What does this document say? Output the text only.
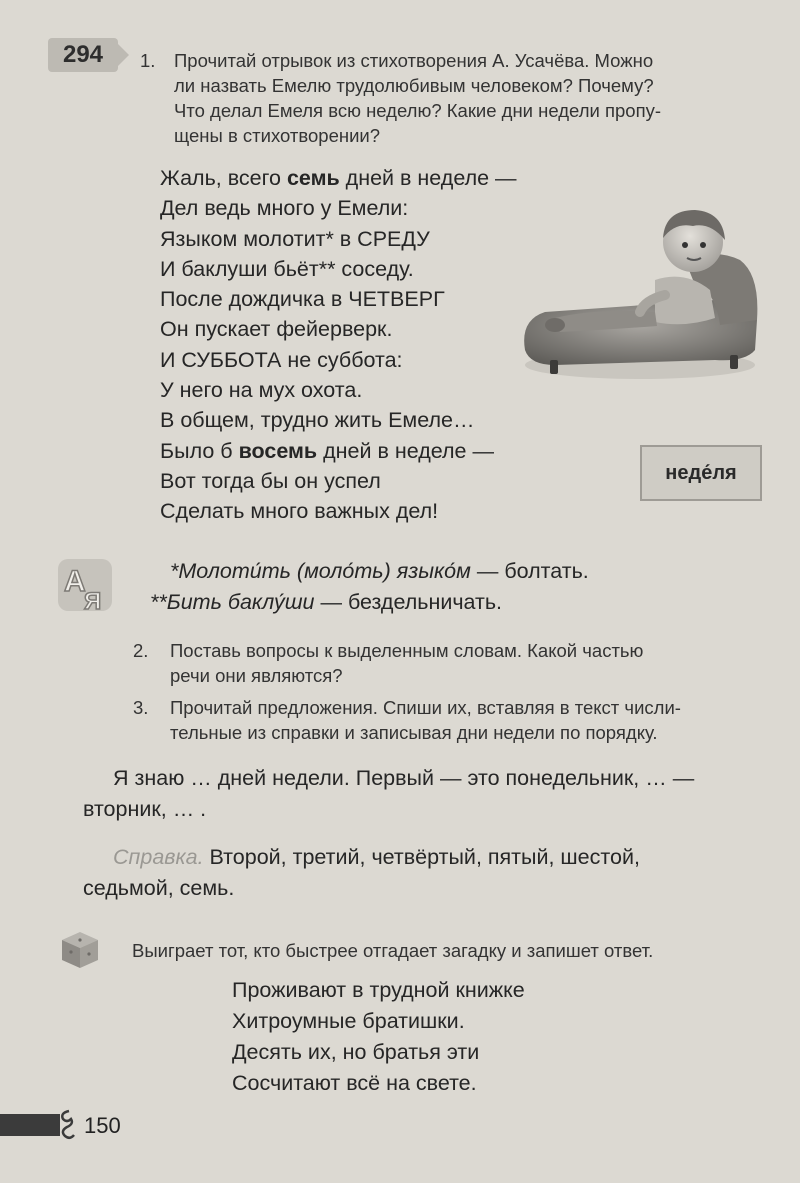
294	1. Прочитай отрывок из стихотворения А. Усачёва. Можно
ли назвать Емелю трудолюбивым человеком? Почему?
Что делал Емеля всю неделю? Какие дни недели пропу-
щены в стихотворении?
Жаль, всего семь дней в неделе —
Дел ведь много у Емели:
Языком молотит* в СРЕДУ
И баклуши бьёт** соседу.
После дождичка в ЧЕТВЕРГ
Он пускает фейерверк.
И СУББОТА не суббота:
У него на мух охота.
В общем, трудно жить Емеле…
Было б восемь дней в неделе —
Вот тогда бы он успел
Сделать много важных дел!
неде́ля
А
Я
*Молоти́ть (моло́ть) языко́м — болтать.
**Бить баклу́ши — бездельничать.
2. Поставь вопросы к выделенным словам. Какой частью
речи они являются?
3. Прочитай предложения. Спиши их, вставляя в текст числи-
тельные из справки и записывая дни недели по порядку.
Я знаю … дней недели. Первый — это понедельник, … —
вторник, … .
Справка. Второй, третий, четвёртый, пятый, шестой,
седьмой, семь.
Выиграет тот, кто быстрее отгадает загадку и запишет ответ.
Проживают в трудной книжке
Хитроумные братишки.
Десять их, но братья эти
Сосчитают всё на свете.
150
